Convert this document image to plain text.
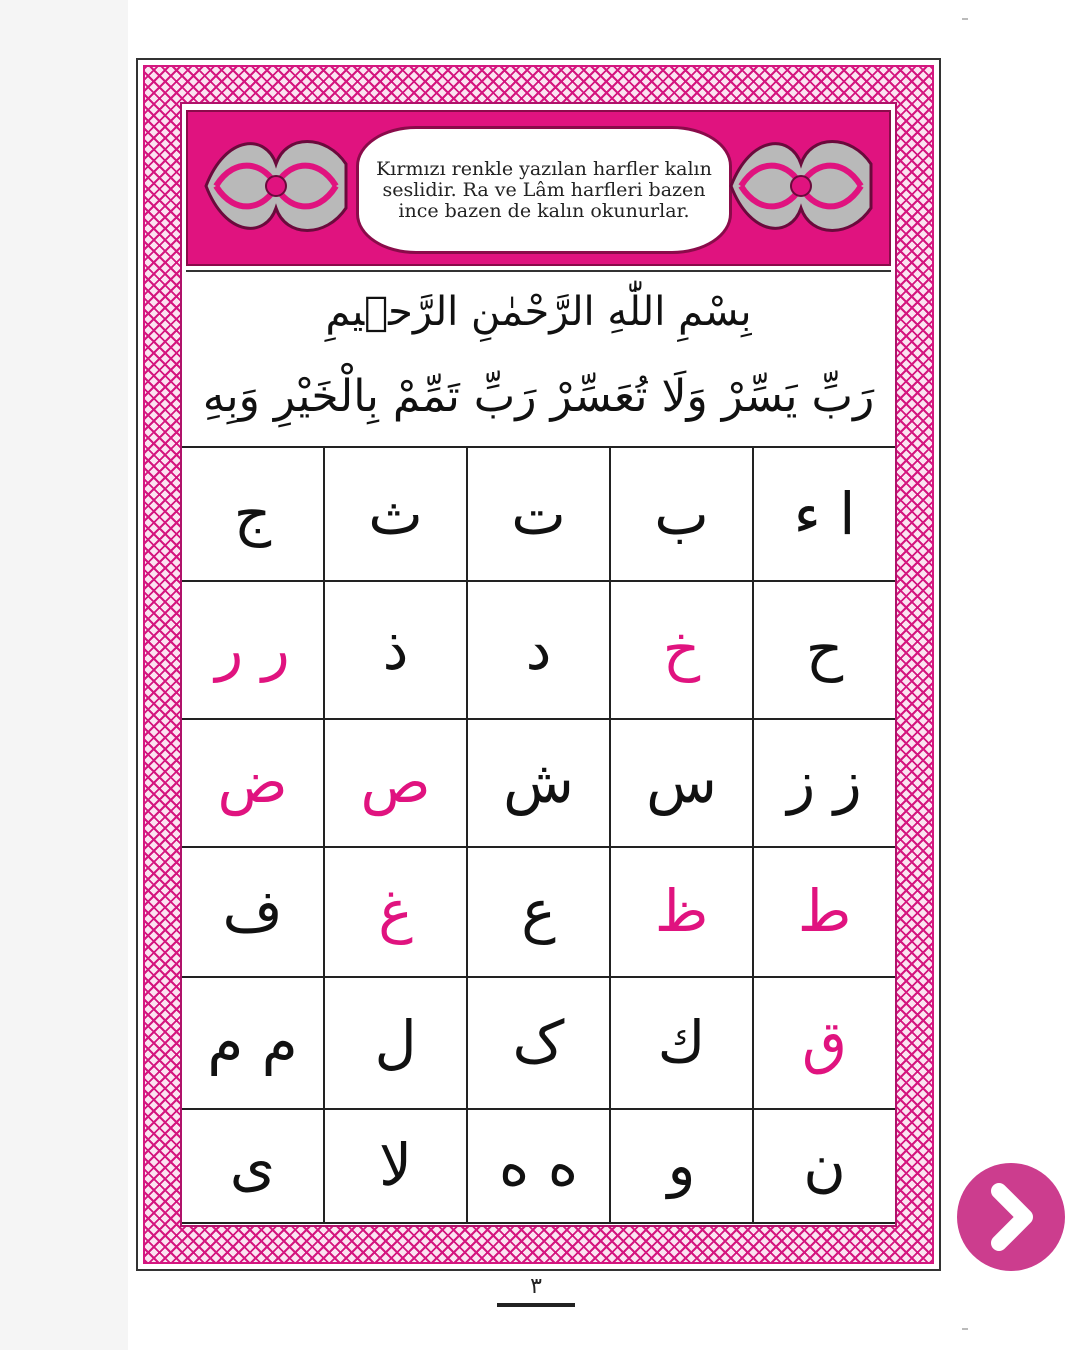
Kırmızı renkle yazılan harfler kalın
seslidir. Ra ve Lâm harfleri bazen
ince bazen de kalın okunurlar.
بِسْمِ اللّٰهِ الرَّحْمٰنِ الرَّح۪يمِ
رَبِّ يَسِّرْ وَلَا تُعَسِّرْ رَبِّ تَمِّمْ بِالْخَيْرِ وَبِهِ
ا ء
ب
ت
ث
ج
ح
خ
د
ذ
ر ر
ز ز
س
ش
ص
ض
ط
ظ
ع
غ
ف
ق
ك
ک
ل
م م
ن
و
ه ه
لا
ى
٣
